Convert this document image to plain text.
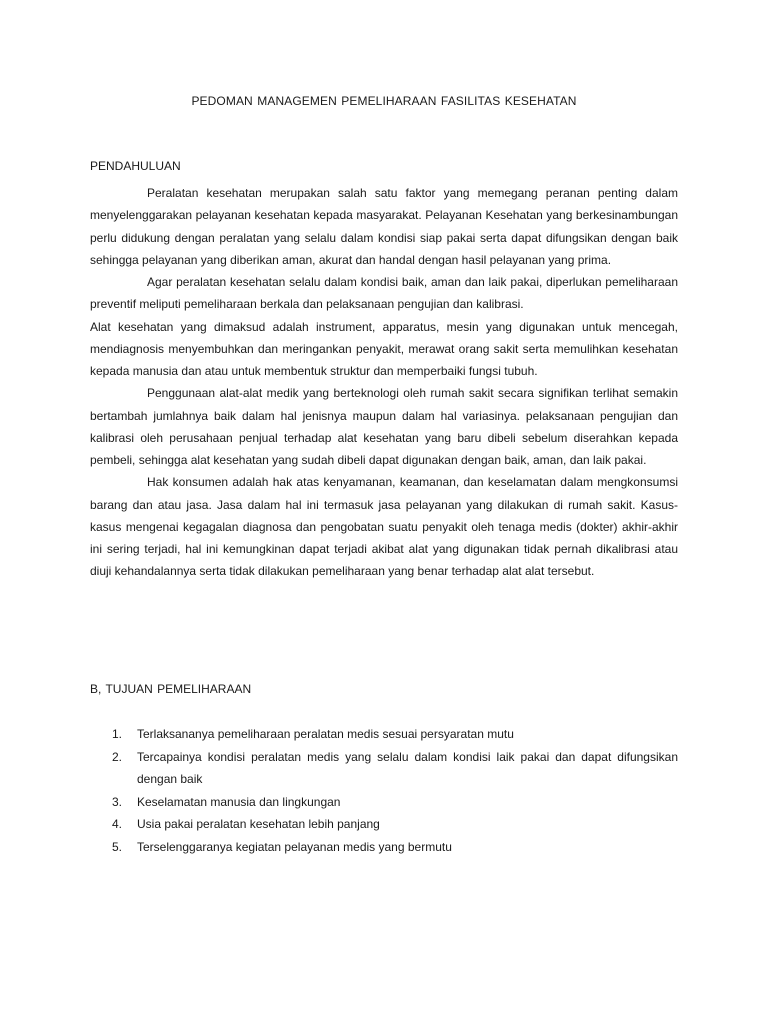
PEDOMAN MANAGEMEN PEMELIHARAAN FASILITAS KESEHATAN
PENDAHULUAN

Peralatan kesehatan merupakan salah satu faktor yang memegang peranan penting dalam menyelenggarakan pelayanan kesehatan kepada masyarakat. Pelayanan Kesehatan yang berkesinambungan perlu didukung dengan peralatan yang selalu dalam kondisi siap pakai serta dapat difungsikan dengan baik sehingga pelayanan yang diberikan aman, akurat dan handal dengan hasil pelayanan yang prima.

Agar peralatan kesehatan selalu dalam kondisi baik, aman dan laik pakai, diperlukan pemeliharaan preventif meliputi pemeliharaan berkala dan pelaksanaan pengujian dan kalibrasi.

Alat kesehatan yang dimaksud adalah instrument, apparatus, mesin yang digunakan untuk mencegah, mendiagnosis menyembuhkan dan meringankan penyakit, merawat orang sakit serta memulihkan kesehatan kepada manusia dan atau untuk membentuk struktur dan memperbaiki fungsi tubuh.

Penggunaan alat-alat medik yang berteknologi oleh rumah sakit secara signifikan terlihat semakin bertambah jumlahnya baik dalam hal jenisnya maupun dalam hal variasinya. pelaksanaan pengujian dan kalibrasi oleh perusahaan penjual terhadap alat kesehatan yang baru dibeli sebelum diserahkan kepada pembeli, sehingga alat kesehatan yang sudah dibeli dapat digunakan dengan baik, aman, dan laik pakai.

Hak konsumen adalah hak atas kenyamanan, keamanan, dan keselamatan dalam mengkonsumsi barang dan atau jasa. Jasa dalam hal ini termasuk jasa pelayanan yang dilakukan di rumah sakit. Kasus-kasus mengenai kegagalan diagnosa dan pengobatan suatu penyakit oleh tenaga medis (dokter) akhir-akhir ini sering terjadi, hal ini kemungkinan dapat terjadi akibat alat yang digunakan tidak pernah dikalibrasi atau diuji kehandalannya serta tidak dilakukan pemeliharaan yang benar terhadap alat alat tersebut.

B, TUJUAN PEMELIHARAAN
1. Terlaksananya pemeliharaan peralatan medis sesuai persyaratan mutu
2. Tercapainya kondisi peralatan medis yang selalu dalam kondisi laik pakai dan dapat difungsikan dengan baik
3. Keselamatan manusia dan lingkungan
4. Usia pakai peralatan kesehatan lebih panjang
5. Terselenggaranya kegiatan pelayanan medis yang bermutu
